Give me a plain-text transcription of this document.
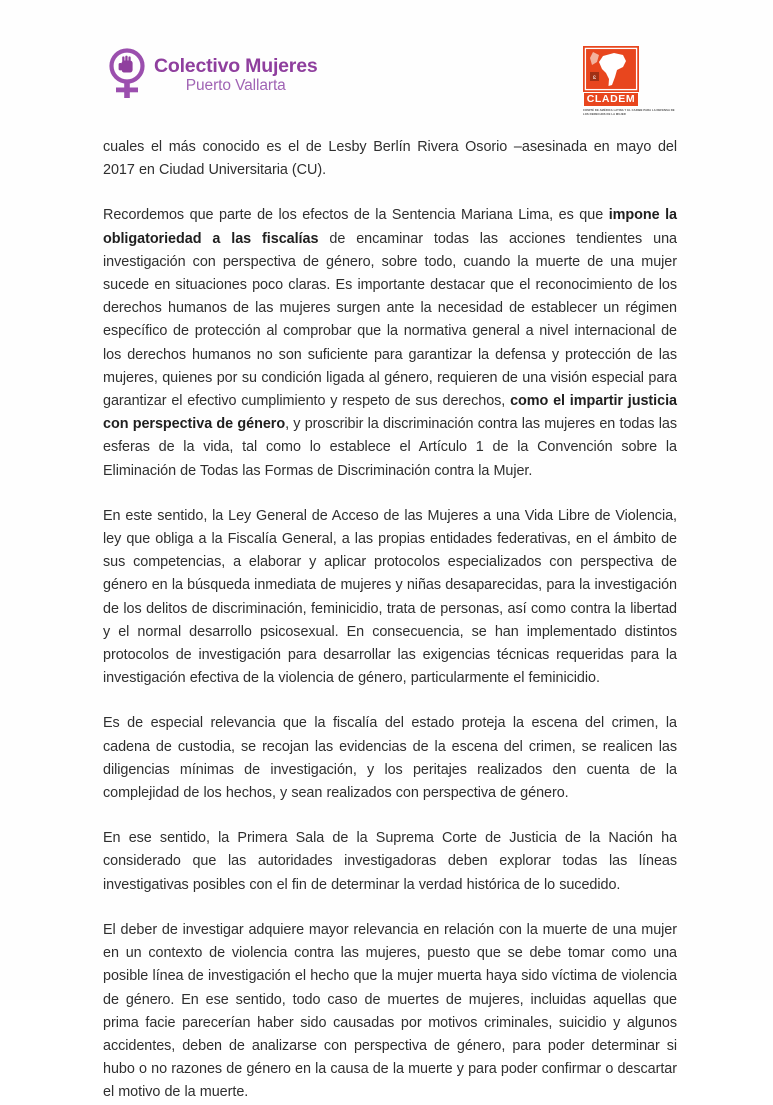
Colectivo Mujeres
Puerto Vallarta	ɛ
CLADEM
COMITÉ DE AMÉRICA LATINA Y EL CARIBE PARA LA DEFENSA DE LOS DERECHOS DE LA MUJER

cuales el más conocido es el de Lesby Berlín Rivera Osorio –asesinada en mayo del 2017 en Ciudad Universitaria (CU).

Recordemos que parte de los efectos de la Sentencia Mariana Lima, es que impone la obligatoriedad a las fiscalías de encaminar todas las acciones tendientes una investigación con perspectiva de género, sobre todo, cuando la muerte de una mujer sucede en situaciones poco claras. Es importante destacar que el reconocimiento de los derechos humanos de las mujeres surgen ante la necesidad de establecer un régimen específico de protección al comprobar que la normativa general a nivel internacional de los derechos humanos no son suficiente para garantizar la defensa y protección de las mujeres, quienes por su condición ligada al género, requieren de una visión especial para garantizar el efectivo cumplimiento y respeto de sus derechos, como el impartir justicia con perspectiva de género, y proscribir la discriminación contra las mujeres en todas las esferas de la vida, tal como lo establece el Artículo 1 de la Convención sobre la Eliminación de Todas las Formas de Discriminación contra la Mujer.

En este sentido, la Ley General de Acceso de las Mujeres a una Vida Libre de Violencia, ley que obliga a la Fiscalía General, a las propias entidades federativas, en el ámbito de sus competencias, a elaborar y aplicar protocolos especializados con perspectiva de género en la búsqueda inmediata de mujeres y niñas desaparecidas, para la investigación de los delitos de discriminación, feminicidio, trata de personas, así como contra la libertad y el normal desarrollo psicosexual. En consecuencia, se han implementado distintos protocolos de investigación para desarrollar las exigencias técnicas requeridas para la investigación efectiva de la violencia de género, particularmente el feminicidio.

Es de especial relevancia que la fiscalía del estado proteja la escena del crimen, la cadena de custodia, se recojan las evidencias de la escena del crimen, se realicen las diligencias mínimas de investigación, y los peritajes realizados den cuenta de la complejidad de los hechos, y sean realizados con perspectiva de género.

En ese sentido, la Primera Sala de la Suprema Corte de Justicia de la Nación ha considerado que las autoridades investigadoras deben explorar todas las líneas investigativas posibles con el fin de determinar la verdad histórica de lo sucedido.

El deber de investigar adquiere mayor relevancia en relación con la muerte de una mujer en un contexto de violencia contra las mujeres, puesto que se debe tomar como una posible línea de investigación el hecho que la mujer muerta haya sido víctima de violencia de género. En ese sentido, todo caso de muertes de mujeres, incluidas aquellas que prima facie parecerían haber sido causadas por motivos criminales, suicidio y algunos accidentes, deben de analizarse con perspectiva de género, para poder determinar si hubo o no razones de género en la causa de la muerte y para poder confirmar o descartar el motivo de la muerte.
